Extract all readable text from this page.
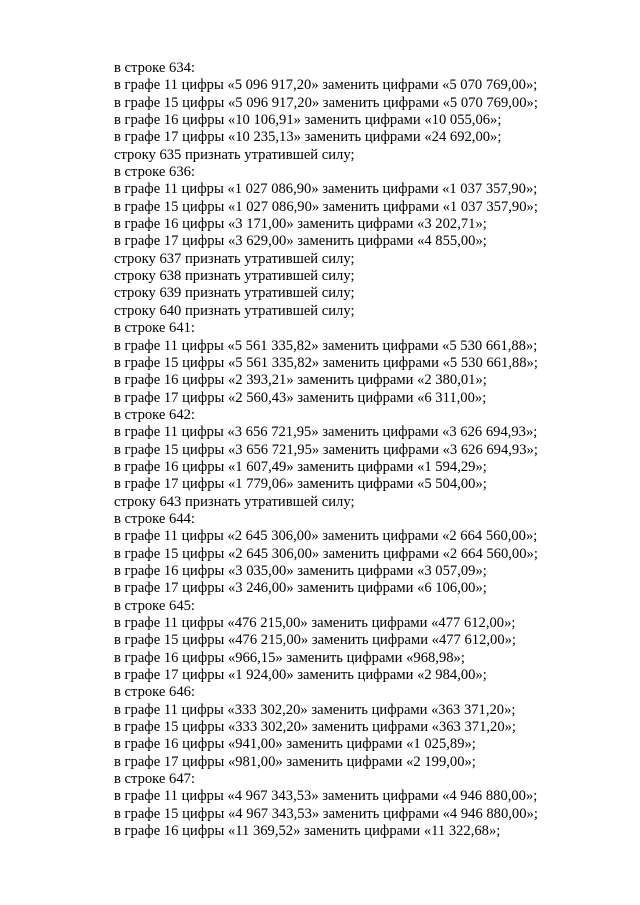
в строке 634:
в графе 11 цифры «5 096 917,20» заменить цифрами «5 070 769,00»;
в графе 15 цифры «5 096 917,20» заменить цифрами «5 070 769,00»;
в графе 16 цифры «10 106,91» заменить цифрами «10 055,06»;
в графе 17 цифры «10 235,13» заменить цифрами «24 692,00»;
строку 635 признать утратившей силу;
в строке 636:
в графе 11 цифры «1 027 086,90» заменить цифрами «1 037 357,90»;
в графе 15 цифры «1 027 086,90» заменить цифрами «1 037 357,90»;
в графе 16 цифры «3 171,00» заменить цифрами «3 202,71»;
в графе 17 цифры «3 629,00» заменить цифрами «4 855,00»;
строку 637 признать утратившей силу;
строку 638 признать утратившей силу;
строку 639 признать утратившей силу;
строку 640 признать утратившей силу;
в строке 641:
в графе 11 цифры «5 561 335,82» заменить цифрами «5 530 661,88»;
в графе 15 цифры «5 561 335,82» заменить цифрами «5 530 661,88»;
в графе 16 цифры «2 393,21» заменить цифрами «2 380,01»;
в графе 17 цифры «2 560,43» заменить цифрами «6 311,00»;
в строке 642:
в графе 11 цифры «3 656 721,95» заменить цифрами «3 626 694,93»;
в графе 15 цифры «3 656 721,95» заменить цифрами «3 626 694,93»;
в графе 16 цифры «1 607,49» заменить цифрами «1 594,29»;
в графе 17 цифры «1 779,06» заменить цифрами «5 504,00»;
строку 643 признать утратившей силу;
в строке 644:
в графе 11 цифры «2 645 306,00» заменить цифрами «2 664 560,00»;
в графе 15 цифры «2 645 306,00» заменить цифрами «2 664 560,00»;
в графе 16 цифры «3 035,00» заменить цифрами «3 057,09»;
в графе 17 цифры «3 246,00» заменить цифрами «6 106,00»;
в строке 645:
в графе 11 цифры «476 215,00» заменить цифрами «477 612,00»;
в графе 15 цифры «476 215,00» заменить цифрами «477 612,00»;
в графе 16 цифры «966,15» заменить цифрами «968,98»;
в графе 17 цифры «1 924,00» заменить цифрами «2 984,00»;
в строке 646:
в графе 11 цифры «333 302,20» заменить цифрами «363 371,20»;
в графе 15 цифры «333 302,20» заменить цифрами «363 371,20»;
в графе 16 цифры «941,00» заменить цифрами «1 025,89»;
в графе 17 цифры «981,00» заменить цифрами «2 199,00»;
в строке 647:
в графе 11 цифры «4 967 343,53» заменить цифрами «4 946 880,00»;
в графе 15 цифры «4 967 343,53» заменить цифрами «4 946 880,00»;
в графе 16 цифры «11 369,52» заменить цифрами «11 322,68»;
